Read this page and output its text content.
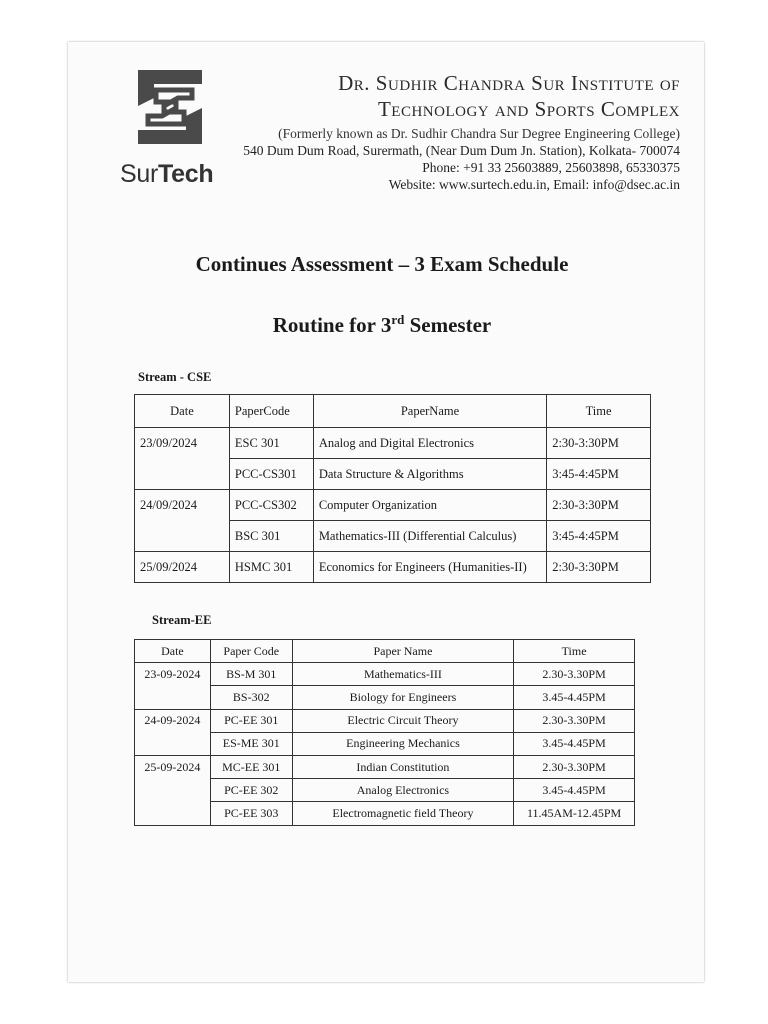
SurTech
Dr. Sudhir Chandra Sur Institute of
Technology and Sports Complex
(Formerly known as Dr. Sudhir Chandra Sur Degree Engineering College)
540 Dum Dum Road, Surermath, (Near Dum Dum Jn. Station), Kolkata- 700074
Phone: +91 33 25603889, 25603898, 65330375
Website: www.surtech.edu.in, Email: info@dsec.ac.in
Continues Assessment – 3 Exam Schedule
Routine for 3rd Semester
Stream - CSE
Date	PaperCode	PaperName	Time
23/09/2024	ESC 301	Analog and Digital Electronics	2:30-3:30PM
	PCC-CS301	Data Structure & Algorithms	3:45-4:45PM
24/09/2024	PCC-CS302	Computer Organization	2:30-3:30PM
	BSC 301	Mathematics-III (Differential Calculus)	3:45-4:45PM
25/09/2024	HSMC 301	Economics for Engineers (Humanities-II)	2:30-3:30PM
Stream-EE
Date	Paper Code	Paper Name	Time
23-09-2024	BS-M 301	Mathematics-III	2.30-3.30PM
	BS-302	Biology for Engineers	3.45-4.45PM
24-09-2024	PC-EE 301	Electric Circuit Theory	2.30-3.30PM
	ES-ME 301	Engineering Mechanics	3.45-4.45PM
25-09-2024	MC-EE 301	Indian Constitution	2.30-3.30PM
	PC-EE 302	Analog Electronics	3.45-4.45PM
	PC-EE 303	Electromagnetic field Theory	11.45AM-12.45PM
